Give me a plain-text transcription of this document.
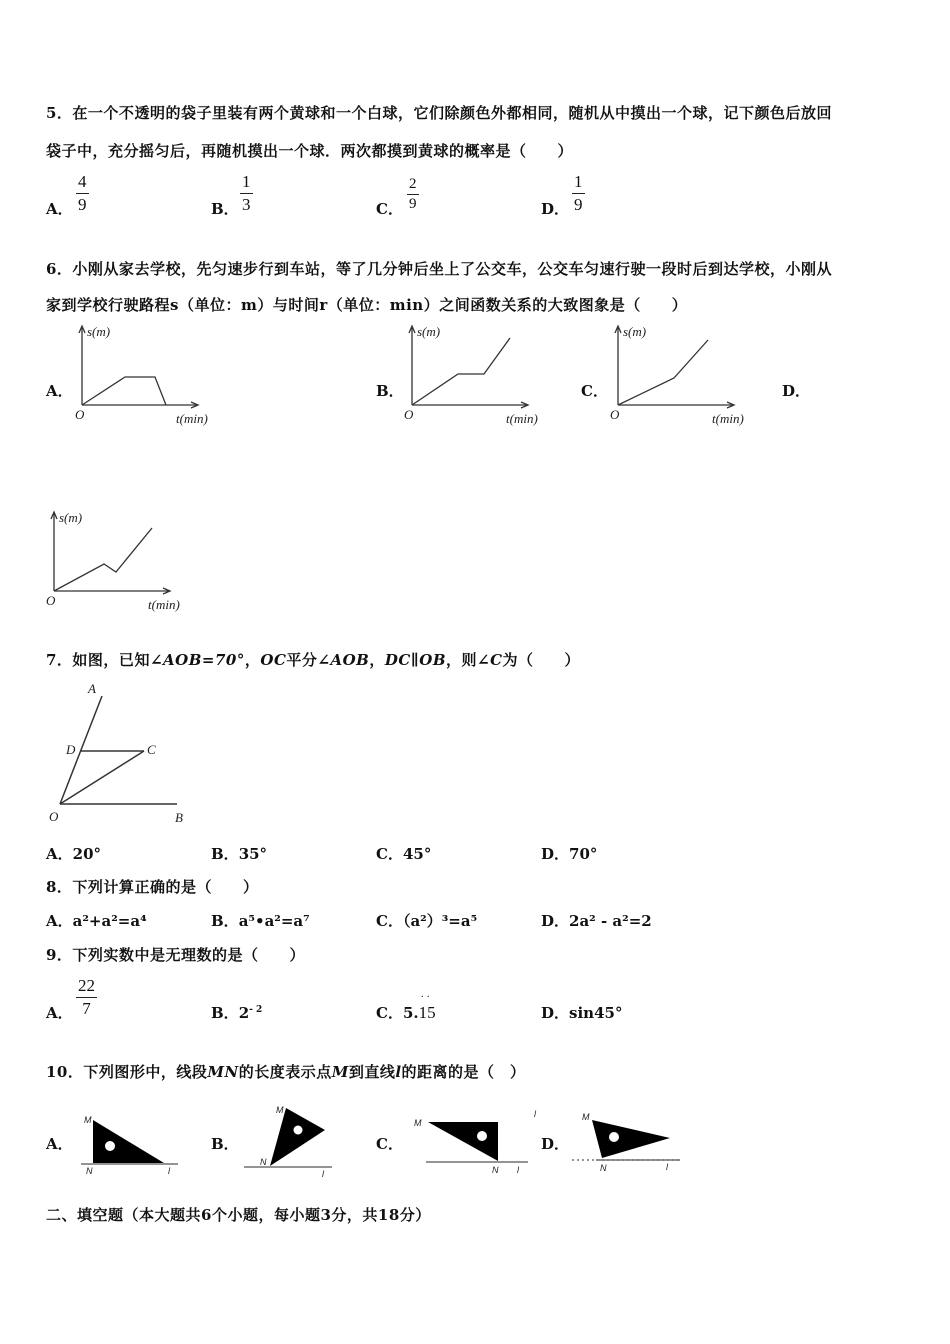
5．在一个不透明的袋子里装有两个黄球和一个白球，它们除颜色外都相同，随机从中摸出一个球，记下颜色后放回
袋子中，充分摇匀后，再随机摸出一个球．两次都摸到黄球的概率是（　　）
A．
4
9	B．
1
3	C．
2
9	D．
1
9
6．小刚从家去学校，先匀速步行到车站，等了几分钟后坐上了公交车，公交车匀速行驶一段时后到达学校，小刚从
家到学校行驶路程s（单位：m）与时间r（单位：min）之间函数关系的大致图象是（　　）
A．	B．	C．	D．
s(m)
O	t(min)
s(m)
O	t(min)
s(m)
O	t(min)
s(m)
O	t(min)
7．如图，已知∠AOB=70°，OC平分∠AOB，DC∥OB，则∠C为（　　）
A
D	C
O	B
A．20°	B．35°	C．45°	D．70°
8．下列计算正确的是（　　）
A．a²+a²=a⁴	B．a⁵•a²=a⁷	C．（a²）³=a⁵	D．2a² - a²=2
9．下列实数中是无理数的是（　　）
A．
22
7	B．$2^{- 2}$	C．5.
· ·
15	D．sin45°
10．下列图形中，线段MN的长度表示点M到直线l的距离的是（　）
A．	B．	C．	D．
M
N	l
M
N
l
M
N l
l	M
N	l
二、填空题（本大题共6个小题，每小题3分，共18分）
